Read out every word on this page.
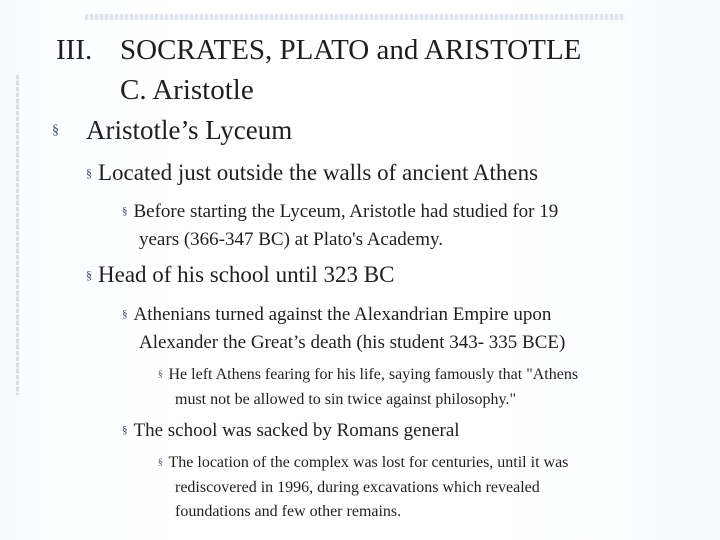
III. SOCRATES, PLATO and ARISTOTLE
C. Aristotle
§ Aristotle’s Lyceum
§ Located just outside the walls of ancient Athens
§ Before starting the Lyceum, Aristotle had studied for 19
years (366-347 BC) at Plato's Academy.
§ Head of his school until 323 BC
§ Athenians turned against the Alexandrian Empire upon
Alexander the Great’s death (his student 343- 335 BCE)
§ He left Athens fearing for his life, saying famously that "Athens
must not be allowed to sin twice against philosophy."
§ The school was sacked by Romans general
§ The location of the complex was lost for centuries, until it was
rediscovered in 1996, during excavations which revealed
foundations and few other remains.
